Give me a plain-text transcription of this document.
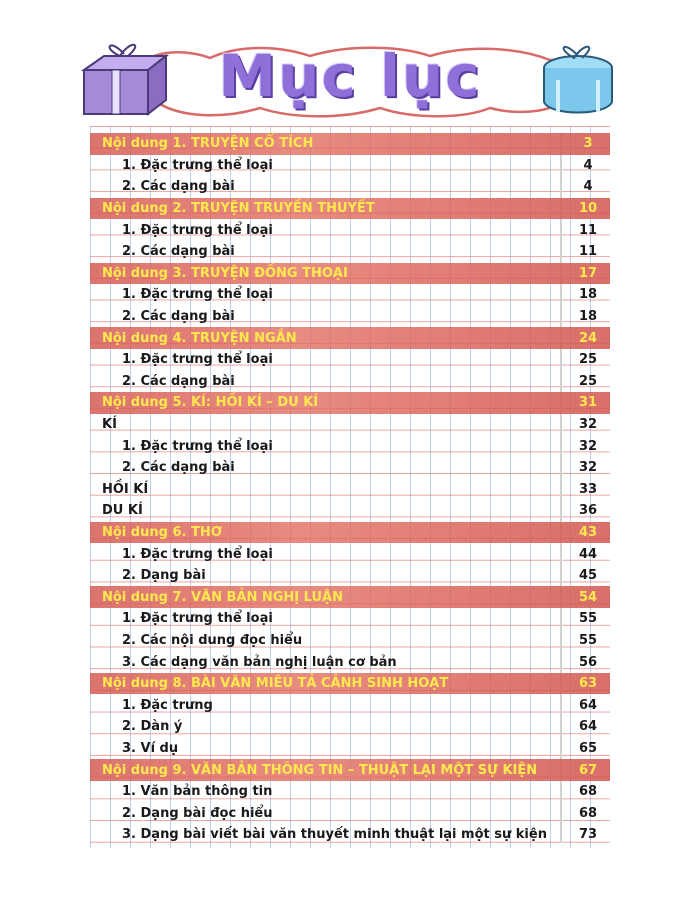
Mục lục
Nội dung 1. TRUYỆN CỔ TÍCH	3
1. Đặc trưng thể loại	4
2. Các dạng bài	4
Nội dung 2. TRUYỆN TRUYỀN THUYẾT	10
1. Đặc trưng thể loại	11
2. Các dạng bài	11
Nội dung 3. TRUYỆN ĐỒNG THOẠI	17
1. Đặc trưng thể loại	18
2. Các dạng bài	18
Nội dung 4. TRUYỆN NGẮN	24
1. Đặc trưng thể loại	25
2. Các dạng bài	25
Nội dung 5. KÍ: HỒI KÍ – DU KÍ	31
KÍ	32
1. Đặc trưng thể loại	32
2. Các dạng bài	32
HỒI KÍ	33
DU KÍ	36
Nội dung 6. THƠ	43
1. Đặc trưng thể loại	44
2. Dạng bài	45
Nội dung 7. VĂN BẢN NGHỊ LUẬN	54
1. Đặc trưng thể loại	55
2. Các nội dung đọc hiểu	55
3. Các dạng văn bản nghị luận cơ bản	56
Nội dung 8. BÀI VĂN MIÊU TẢ CẢNH SINH HOẠT	63
1. Đặc trưng	64
2. Dàn ý	64
3. Ví dụ	65
Nội dung 9. VĂN BẢN THÔNG TIN – THUẬT LẠI MỘT SỰ KIỆN	67
1. Văn bản thông tin	68
2. Dạng bài đọc hiểu	68
3. Dạng bài viết bài văn thuyết minh thuật lại một sự kiện	73
